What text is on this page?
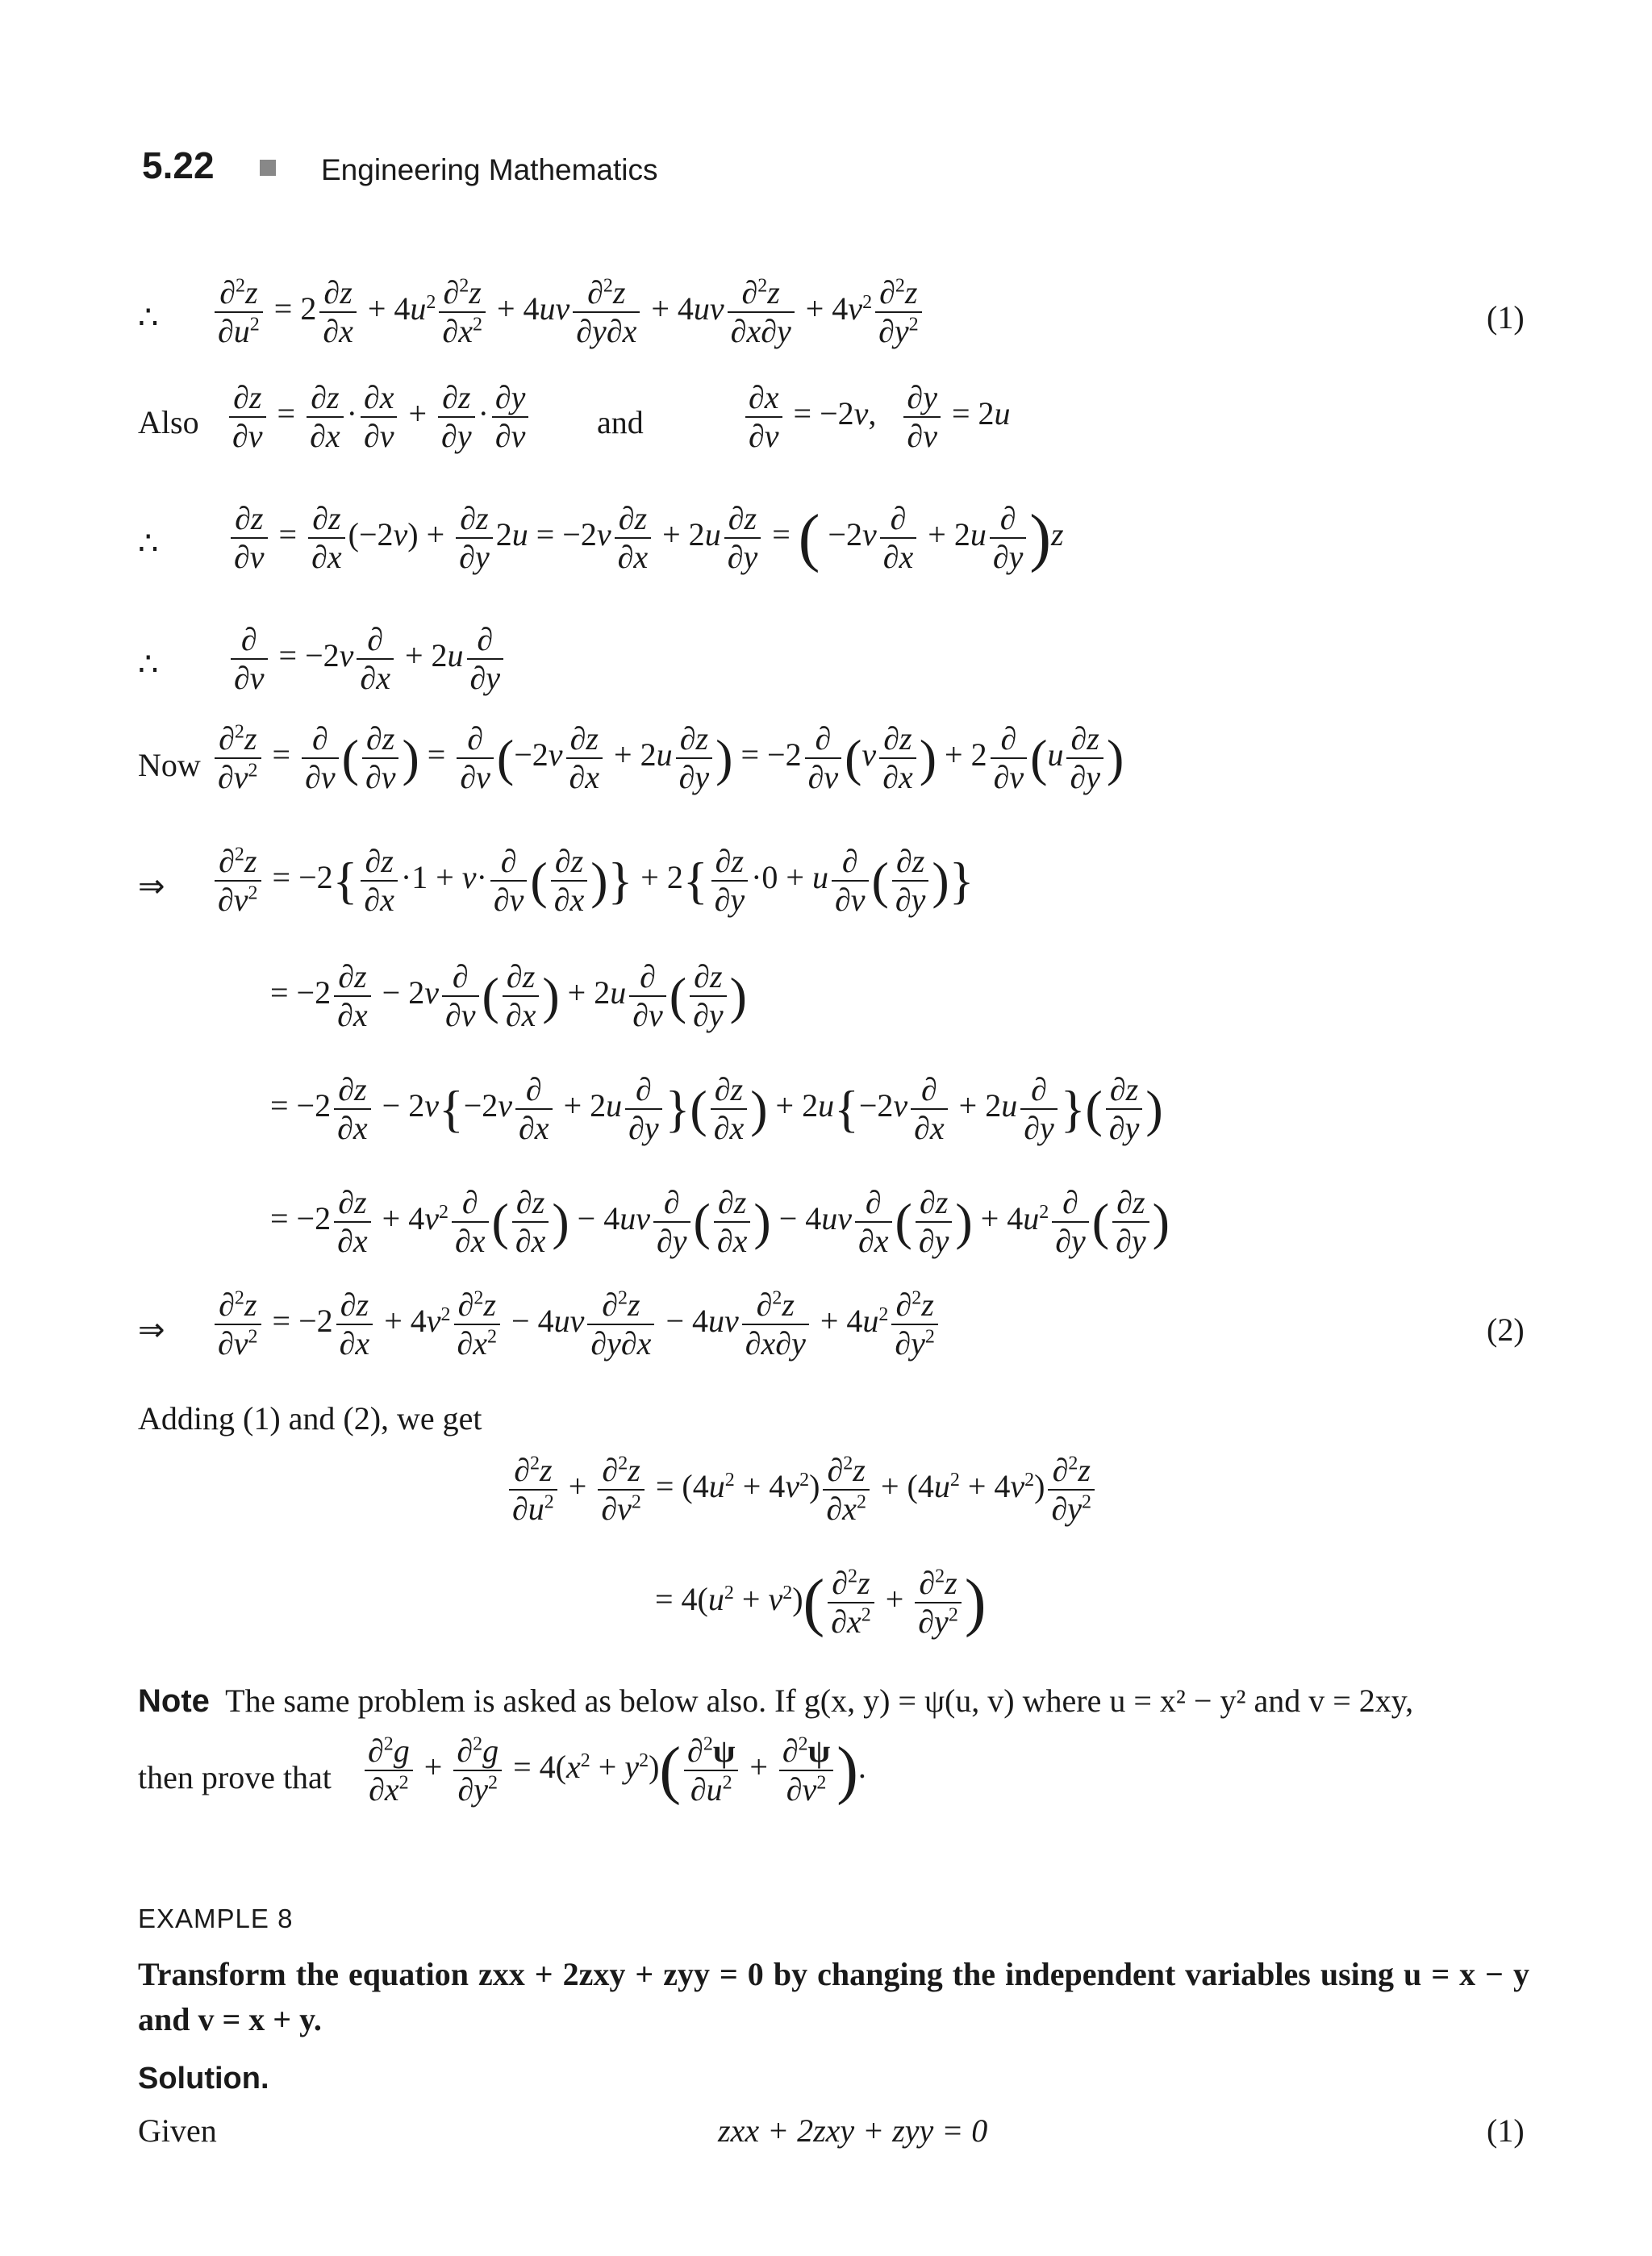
5.22	Engineering Mathematics
∴ $\frac{\partial^2z}{\partial u^2} = 2 \frac{\partial z}{\partial x} + 4u^2 \frac{\partial^2z}{\partial x^2} + 4uv \frac{\partial^2z}{\partial y\partial x} + 4uv \frac{\partial^2z}{\partial x\partial y} + 4v^2 \frac{\partial^2z}{\partial y^2}$	(1)
Also $\frac{\partial z}{\partial v} = \frac{\partial z}{\partial x} \cdot \frac{\partial x}{\partial v} + \frac{\partial z}{\partial y} \cdot \frac{\partial y}{\partial v}$ and	$\frac{\partial x}{\partial v} = -2v$, $\frac{\partial y}{\partial v} = 2u$
∴ $\frac{\partial z}{\partial v} = \frac{\partial z}{\partial x} (-2v) + \frac{\partial z}{\partial y} 2u = -2v \frac{\partial z}{\partial x} + 2u \frac{\partial z}{\partial y}$ = ( $-2v \frac{\partial}{\partial x} + 2u \frac{\partial}{\partial y} )z$
∴ $\frac{\partial}{\partial v} = -2v \frac{\partial}{\partial x} + 2u \frac{\partial}{\partial y}$
Now $\frac{\partial^2z}{\partial v^2} = \frac{\partial}{\partial v}$ ( $\frac{\partial z}{\partial v}$ ) = $\frac{\partial}{\partial v} (-2v \frac{\partial z}{\partial x} + 2u \frac{\partial z}{\partial y}$ ) = $-2 \frac{\partial}{\partial v} (v \frac{\partial z}{\partial x}$ ) + $2 \frac{\partial}{\partial v} (u \frac{\partial z}{\partial y}$ )
⇒ $\frac{\partial^2z}{\partial v^2} = -2\{ \frac{\partial z}{\partial x} \cdot 1 + v\cdot \frac{\partial}{\partial v}$ ( $\frac{\partial z}{\partial x}$ )} + $2\{ \frac{\partial z}{\partial y} \cdot 0 + u \frac{\partial}{\partial v}$ ( $\frac{\partial z}{\partial y}$ )}
= $-2 \frac{\partial z}{\partial x} - 2v \frac{\partial}{\partial v}$ ( $\frac{\partial z}{\partial x}$ ) + $2u \frac{\partial}{\partial v}$ ( $\frac{\partial z}{\partial y}$ )
= $-2 \frac{\partial z}{\partial x} - 2v\{-2v \frac{\partial}{\partial x} + 2u \frac{\partial}{\partial y}$ }( $\frac{\partial z}{\partial x}$ ) + $2u\{-2v \frac{\partial}{\partial x} + 2u \frac{\partial}{\partial y}$ }( $\frac{\partial z}{\partial y}$ )
= $-2 \frac{\partial z}{\partial x} + 4v^2 \frac{\partial}{\partial x}$ ( $\frac{\partial z}{\partial x}$ ) − $4uv \frac{\partial}{\partial y}$ ( $\frac{\partial z}{\partial x}$ ) − $4uv \frac{\partial}{\partial x}$ ( $\frac{\partial z}{\partial y}$ ) + $4u^2 \frac{\partial}{\partial y}$ ( $\frac{\partial z}{\partial y}$ )
⇒ $\frac{\partial^2z}{\partial v^2} = -2 \frac{\partial z}{\partial x} + 4v^2 \frac{\partial^2z}{\partial x^2} - 4uv \frac{\partial^2z}{\partial y\partial x} - 4uv \frac{\partial^2z}{\partial x\partial y} + 4u^2 \frac{\partial^2z}{\partial y^2}$	(2)
Adding (1) and (2), we get
$\frac{\partial^2z}{\partial u^2} + \frac{\partial^2z}{\partial v^2} = (4u^2 + 4v^2) \frac{\partial^2z}{\partial x^2} + (4u^2 + 4v^2) \frac{\partial^2z}{\partial y^2}$
= $4(u^2 + v^2)( \frac{\partial^2z}{\partial x^2} + \frac{\partial^2z}{\partial y^2}$ )
Note The same problem is asked as below also. If g(x, y) = ψ(u, v) where u = x² − y² and v = 2xy,
then prove that $\frac{\partial^2g}{\partial x^2} + \frac{\partial^2g}{\partial y^2} = 4(x^2 + y^2)( \frac{\partial^2\psi}{\partial u^2} + \frac{\partial^2\psi}{\partial v^2}$ ).
EXAMPLE 8
Transform the equation zxx + 2zxy + zyy = 0 by changing the independent variables using u = x − y and v = x + y.
Solution.
Given	zxx + 2zxy + zyy = 0	(1)
